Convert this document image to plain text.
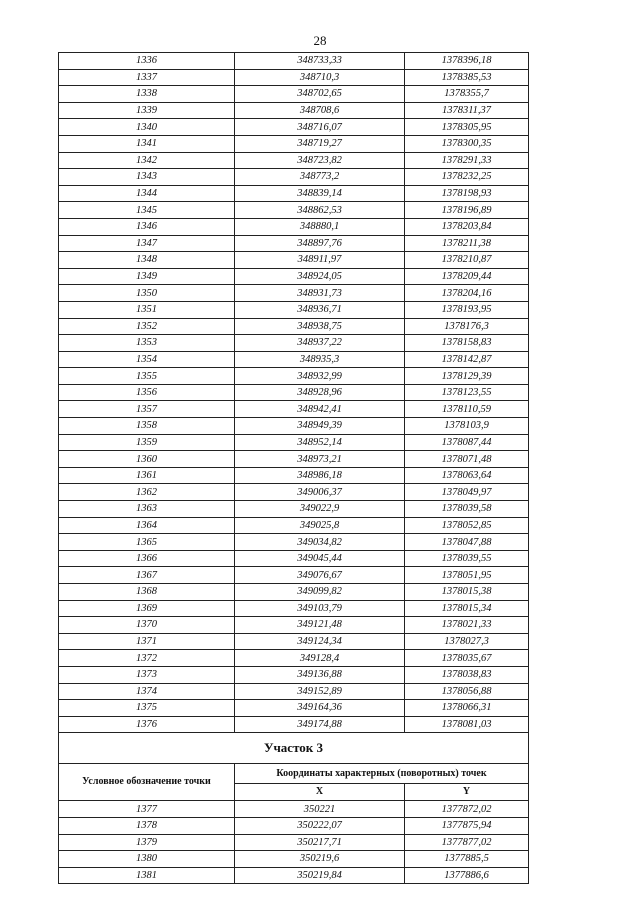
28
1336	348733,33	1378396,18
1337	348710,3	1378385,53
1338	348702,65	1378355,7
1339	348708,6	1378311,37
1340	348716,07	1378305,95
1341	348719,27	1378300,35
1342	348723,82	1378291,33
1343	348773,2	1378232,25
1344	348839,14	1378198,93
1345	348862,53	1378196,89
1346	348880,1	1378203,84
1347	348897,76	1378211,38
1348	348911,97	1378210,87
1349	348924,05	1378209,44
1350	348931,73	1378204,16
1351	348936,71	1378193,95
1352	348938,75	1378176,3
1353	348937,22	1378158,83
1354	348935,3	1378142,87
1355	348932,99	1378129,39
1356	348928,96	1378123,55
1357	348942,41	1378110,59
1358	348949,39	1378103,9
1359	348952,14	1378087,44
1360	348973,21	1378071,48
1361	348986,18	1378063,64
1362	349006,37	1378049,97
1363	349022,9	1378039,58
1364	349025,8	1378052,85
1365	349034,82	1378047,88
1366	349045,44	1378039,55
1367	349076,67	1378051,95
1368	349099,82	1378015,38
1369	349103,79	1378015,34
1370	349121,48	1378021,33
1371	349124,34	1378027,3
1372	349128,4	1378035,67
1373	349136,88	1378038,83
1374	349152,89	1378056,88
1375	349164,36	1378066,31
1376	349174,88	1378081,03
Участок 3		
Условное обозначение точки	Координаты характерных (поворотных) точек	
	X	Y
1377	350221	1377872,02
1378	350222,07	1377875,94
1379	350217,71	1377877,02
1380	350219,6	1377885,5
1381	350219,84	1377886,6
